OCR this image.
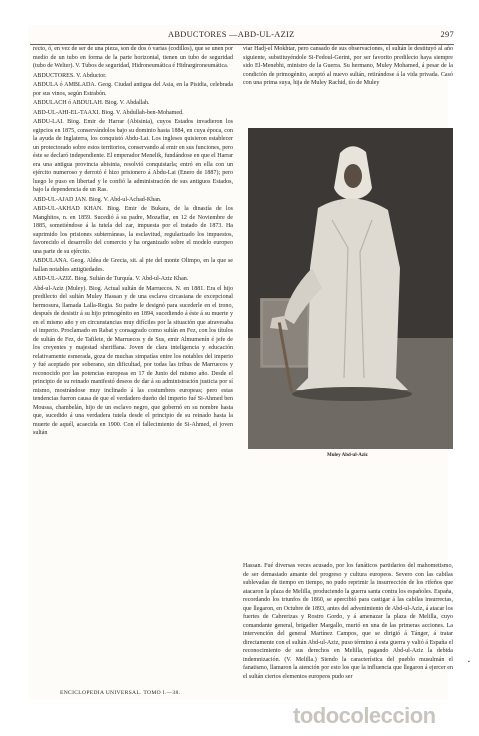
ABDUCTORES —ABD-UL-AZIZ	297

recto, ó, en vez de ser de una pieza, son de dos ó varias (codillos), que se unen por medio de un tubo en forma de la parte horizontal, tienen un tubo de seguridad (tubo de Welter). V. Tubos de seguridad, Hidroneumática é Hidrargironeumática.

ABDUCTORES. V. Abductor.

ABDULA ó AMBLADA. Geog. Ciudad antigua del Asia, en la Pisidia, celebrada por sus vinos, según Estrabón.

ABDULACH ó ABDULAH. Biog. V. Abdallah.

ABD-UL-AHI-EL-TAAXI. Biog. V. Abdullah-ben-Mohamed.

ABDU-LAI. Biog. Emir de Harrar (Abisinia), cuyos Estados invadieron los egipcios en 1875, conservándolos bajo su dominio hasta 1884, en cuya época, con la ayuda de Inglaterra, los conquistó Abdu-Lai. Los ingleses quisieron establecer un protectorado sobre estos territorios, conservando al emir en sus funciones, pero éste se declaró independiente. El emperador Menelik, fundándose en que el Harrar era una antigua provincia abisinia, resolvió conquistarla; entró en ella con un ejército numeroso y derrotó é hizo prisionero á Abdu-Lai (Enero de 1887); pero luego le puso en libertad y le confió la administración de sus antiguos Estados, bajo la dependencia de un Ras.

ABD-UL-AJAD JAN. Biog. V. Abd-ul-Achad-Khan.

ABD-UL-AKHAD KHAN. Biog. Emir de Bukara, de la dinastía de los Manghitos, n. en 1859. Sucedió á su padre, Mozaffar, en 12 de Noviembre de 1885, sometiéndose á la tutela del zar, impuesta por el tratado de 1873. Ha suprimido los prisiones subterráneas, la esclavitud, regularizado los impuestos, favorecido el desarrollo del comercio y ha organizado sobre el modelo europeo una parte de su ejército.

ABDULANA. Geog. Aldea de Grecia, sit. al pie del monte Olimpo, en la que se hallan notables antigüedades.

ABD-UL-AZIZ. Biog. Sultán de Turquía. V. Abd-ul-Aziz Khan.

Abd-ul-Aziz (Muley). Biog. Actual sultán de Marruecos. N. en 1881. Era el hijo predilecto del sultán Muley Hassan y de una esclava circasiana de excepcional hermosura, llamada Lalla-Regia. Su padre le designó para sucederle en el trono, después de desistir á su hijo primogénito en 1894, sucediendo á éste á su muerte y en el mismo año y en circunstancias muy difíciles por la situación que atravesaba el imperio. Proclamado en Rabat y consagrado como sultán en Fez, con los títulos de sultán de Fez, de Tafilete, de Marruecos y de Sus, emir Almumenín é jefe de los creyentes y majestad sheriffana. Joven de clara inteligencia y educación relativamente esmerada, goza de muchas simpatías entre los notables del imperio y fué aceptado por soberano, sin dificultad, por todas las tribus de Marruecos y reconocido por las potencias europeas en 17 de Junio del mismo año. Desde el principio de su reinado manifestó deseos de dar á su administración justicia por sí mismo, mostrándose muy inclinado á las costumbres europeas; pero estas tendencias fueron causa de que el verdadero dueño del imperio fué Si-Ahmed ben Moussa, chambelán, hijo de un esclavo negro, que gobernó en su nombre hasta que, sucedido á una verdadera tutela desde el principio de su reinado hasta la muerte de aquél, acaecida en 1900. Con el fallecimiento de Si-Ahmed, el joven sultán

viar Hadj-el Mokhtar, pero cansado de sus observaciones, el sultán le destituyó al año siguiente, substituyéndole Si-Fedoul-Gerint, por ser favorito predilecto haya siempre sido El-Menebhi, ministro de la Guerra. Su hermano, Muley Mohamed, á pesar de la condición de primogénito, aceptó al nuevo sultán, retirándose á la vida privada. Casó con una prima suya, hija de Muley Rachid, tío de Muley

Muley Abd-ul-Aziz

Hassan. Fué diversas veces acusado, por los fanáticos partidarios del mahometismo, de ser demasiado amante del progreso y cultura europeos. Severo con las cabilas sublevadas de tiempo en tiempo, no pudo reprimir la insurrección de los rifeños que atacaron la plaza de Melilla, produciendo la guerra santa contra los españoles. España, recordando los triunfos de 1860, se apercibió para castigar á las cabilas insurrectas, que llegaron, en Octubre de 1893, antes del advenimiento de Abd-ul-Aziz, á atacar los fuertes de Cabrerizas y Rostro Gordo, y á amenazar la plaza de Melilla, cuyo comandante general, brigadier Margallo, murió en una de las primeras acciones. La intervención del general Martínez Campos, que se dirigió á Tánger, á tratar directamente con el sultán Abd-ul-Aziz, puso término á esta guerra y valió á España el reconocimiento de sus derechos en Melilla, pagando Abd-ul-Aziz la debida indemnización. (V. Melilla.) Siendo la característica del pueblo musulmán el fanatismo, llamaron la atención por esto los que la influencia que llegaron á ejercer en el sultán ciertos elementos europeos pudo ser

ENCICLOPEDIA UNIVERSAL. TOMO I.—38.
▪
todocoleccion
